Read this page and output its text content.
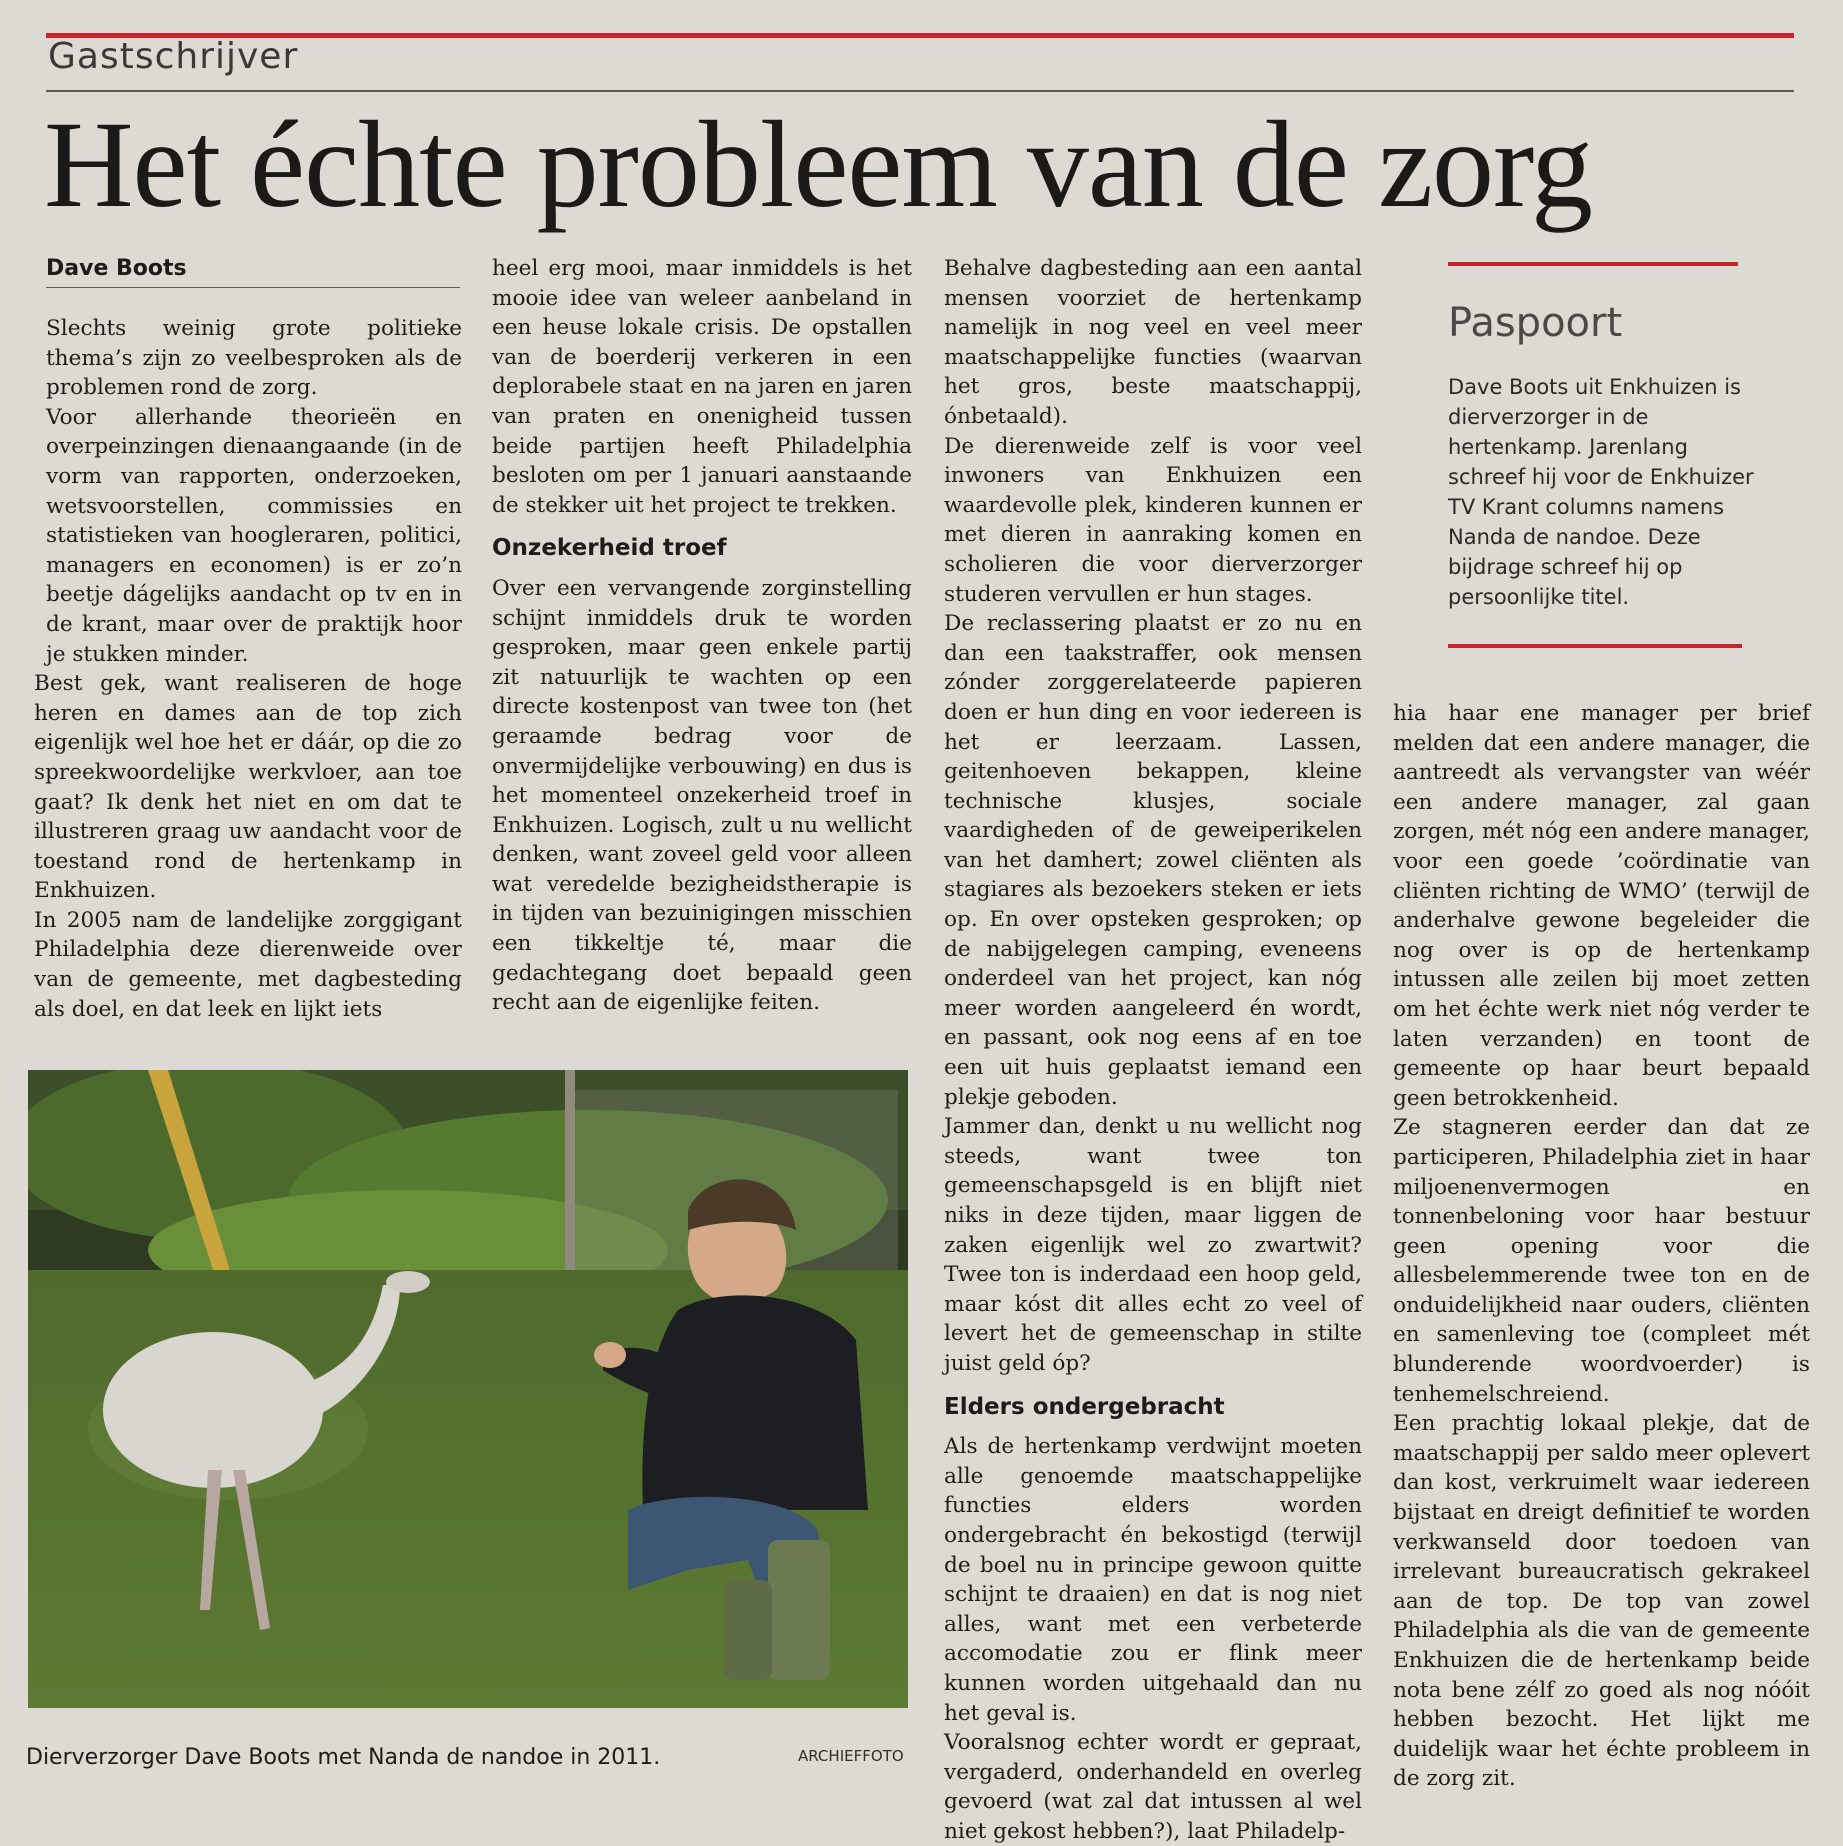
Gastschrijver
Het échte probleem van de zorg
Dave Boots

Slechts weinig grote politieke thema’s zijn zo veelbesproken als de problemen rond de zorg.

Voor allerhande theorieën en overpeinzingen dienaangaande (in de vorm van rapporten, onderzoeken, wetsvoorstellen, commissies en statistieken van hoogleraren, politici, managers en economen) is er zo’n beetje dágelijks aandacht op tv en in de krant, maar over de praktijk hoor je stukken minder.

Best gek, want realiseren de hoge heren en dames aan de top zich eigenlijk wel hoe het er dáár, op die zo spreekwoordelijke werkvloer, aan toe gaat? Ik denk het niet en om dat te illustreren graag uw aandacht voor de toestand rond de hertenkamp in Enkhuizen.

In 2005 nam de landelijke zorggigant Philadelphia deze dierenweide over van de gemeente, met dagbesteding als doel, en dat leek en lijkt iets

heel erg mooi, maar inmiddels is het mooie idee van weleer aanbeland in een heuse lokale crisis. De opstallen van de boerderij verkeren in een deplorabele staat en na jaren en jaren van praten en onenigheid tussen beide partijen heeft Philadelphia besloten om per 1 januari aanstaande de stekker uit het project te trekken.

Onzekerheid troef

Over een vervangende zorginstelling schijnt inmiddels druk te worden gesproken, maar geen enkele partij zit natuurlijk te wachten op een directe kostenpost van twee ton (het geraamde bedrag voor de onvermijdelijke verbouwing) en dus is het momenteel onzekerheid troef in Enkhuizen. Logisch, zult u nu wellicht denken, want zoveel geld voor alleen wat veredelde bezigheidstherapie is in tijden van bezuinigingen misschien een tikkeltje té, maar die gedachtegang doet bepaald geen recht aan de eigenlijke feiten.

Behalve dagbesteding aan een aantal mensen voorziet de hertenkamp namelijk in nog veel en veel meer maatschappelijke functies (waarvan het gros, beste maatschappij, ónbetaald).

De dierenweide zelf is voor veel inwoners van Enkhuizen een waardevolle plek, kinderen kunnen er met dieren in aanraking komen en scholieren die voor dierverzorger studeren vervullen er hun stages.

De reclassering plaatst er zo nu en dan een taakstraffer, ook mensen zónder zorggerelateerde papieren doen er hun ding en voor iedereen is het er leerzaam. Lassen, geitenhoeven bekappen, kleine technische klusjes, sociale vaardigheden of de geweiperikelen van het damhert; zowel cliënten als stagiares als bezoekers steken er iets op. En over opsteken gesproken; op de nabijgelegen camping, eveneens onderdeel van het project, kan nóg meer worden aangeleerd én wordt, en passant, ook nog eens af en toe een uit huis geplaatst iemand een plekje geboden.

Jammer dan, denkt u nu wellicht nog steeds, want twee ton gemeenschapsgeld is en blijft niet niks in deze tijden, maar liggen de zaken eigenlijk wel zo zwartwit? Twee ton is inderdaad een hoop geld, maar kóst dit alles echt zo veel of levert het de gemeenschap in stilte juist geld óp?

Elders ondergebracht

Als de hertenkamp verdwijnt moeten alle genoemde maatschappelijke functies elders worden ondergebracht én bekostigd (terwijl de boel nu in principe gewoon quitte schijnt te draaien) en dat is nog niet alles, want met een verbeterde accomodatie zou er flink meer kunnen worden uitgehaald dan nu het geval is.

Vooralsnog echter wordt er gepraat, vergaderd, onderhandeld en overleg gevoerd (wat zal dat intussen al wel niet gekost hebben?), laat Philadelp-

Paspoort
Dave Boots uit Enkhuizen is dierverzorger in de hertenkamp. Jarenlang schreef hij voor de Enkhuizer TV Krant columns namens Nanda de nandoe. Deze bijdrage schreef hij op persoonlijke titel.

hia haar ene manager per brief melden dat een andere manager, die aantreedt als vervangster van wéér een andere manager, zal gaan zorgen, mét nóg een andere manager, voor een goede ’coördinatie van cliënten richting de WMO’ (terwijl de anderhalve gewone begeleider die nog over is op de hertenkamp intussen alle zeilen bij moet zetten om het échte werk niet nóg verder te laten verzanden) en toont de gemeente op haar beurt bepaald geen betrokkenheid.

Ze stagneren eerder dan dat ze participeren, Philadelphia ziet in haar miljoenenvermogen en tonnenbeloning voor haar bestuur geen opening voor die allesbelemmerende twee ton en de onduidelijkheid naar ouders, cliënten en samenleving toe (compleet mét blunderende woordvoerder) is tenhemelschreiend.

Een prachtig lokaal plekje, dat de maatschappij per saldo meer oplevert dan kost, verkruimelt waar iedereen bijstaat en dreigt definitief te worden verkwanseld door toedoen van irrelevant bureaucratisch gekrakeel aan de top. De top van zowel Philadelphia als die van de gemeente Enkhuizen die de hertenkamp beide nota bene zélf zo goed als nog nóóit hebben bezocht. Het lijkt me duidelijk waar het échte probleem in de zorg zit.

Dierverzorger Dave Boots met Nanda de nandoe in 2011.	ARCHIEFFOTO
